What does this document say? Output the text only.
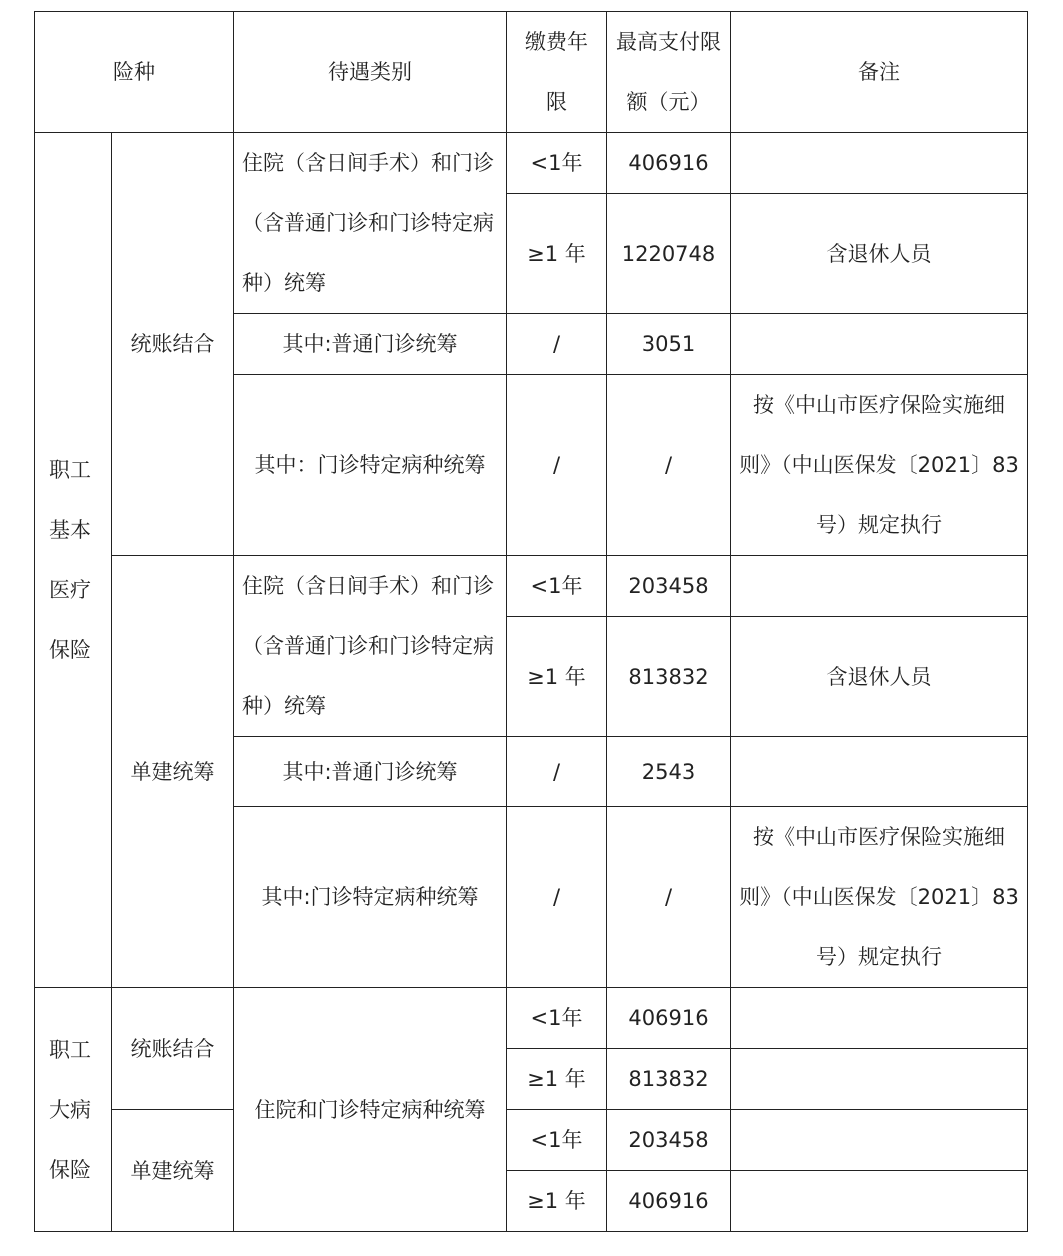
险种		待遇类别	缴费年限	最高支付限额（元）	备注
职工基本医疗保险	统账结合	住院（含日间手术）和门诊（含普通门诊和门诊特定病种）统筹	<1年	406916	
			≥1 年	1220748	含退休人员
		其中:普通门诊统筹	/	3051	
		其中：门诊特定病种统筹	/	/	按《中山市医疗保险实施细则》（中山医保发〔2021〕83 号）规定执行
	单建统筹	住院（含日间手术）和门诊（含普通门诊和门诊特定病种）统筹	<1年	203458	
			≥1 年	813832	含退休人员
		其中:普通门诊统筹	/	2543	
		其中:门诊特定病种统筹	/	/	按《中山市医疗保险实施细则》（中山医保发〔2021〕83 号）规定执行
职工大病保险	统账结合	住院和门诊特定病种统筹	<1年	406916	
			≥1 年	813832	
	单建统筹		<1年	203458	
			≥1 年	406916	
